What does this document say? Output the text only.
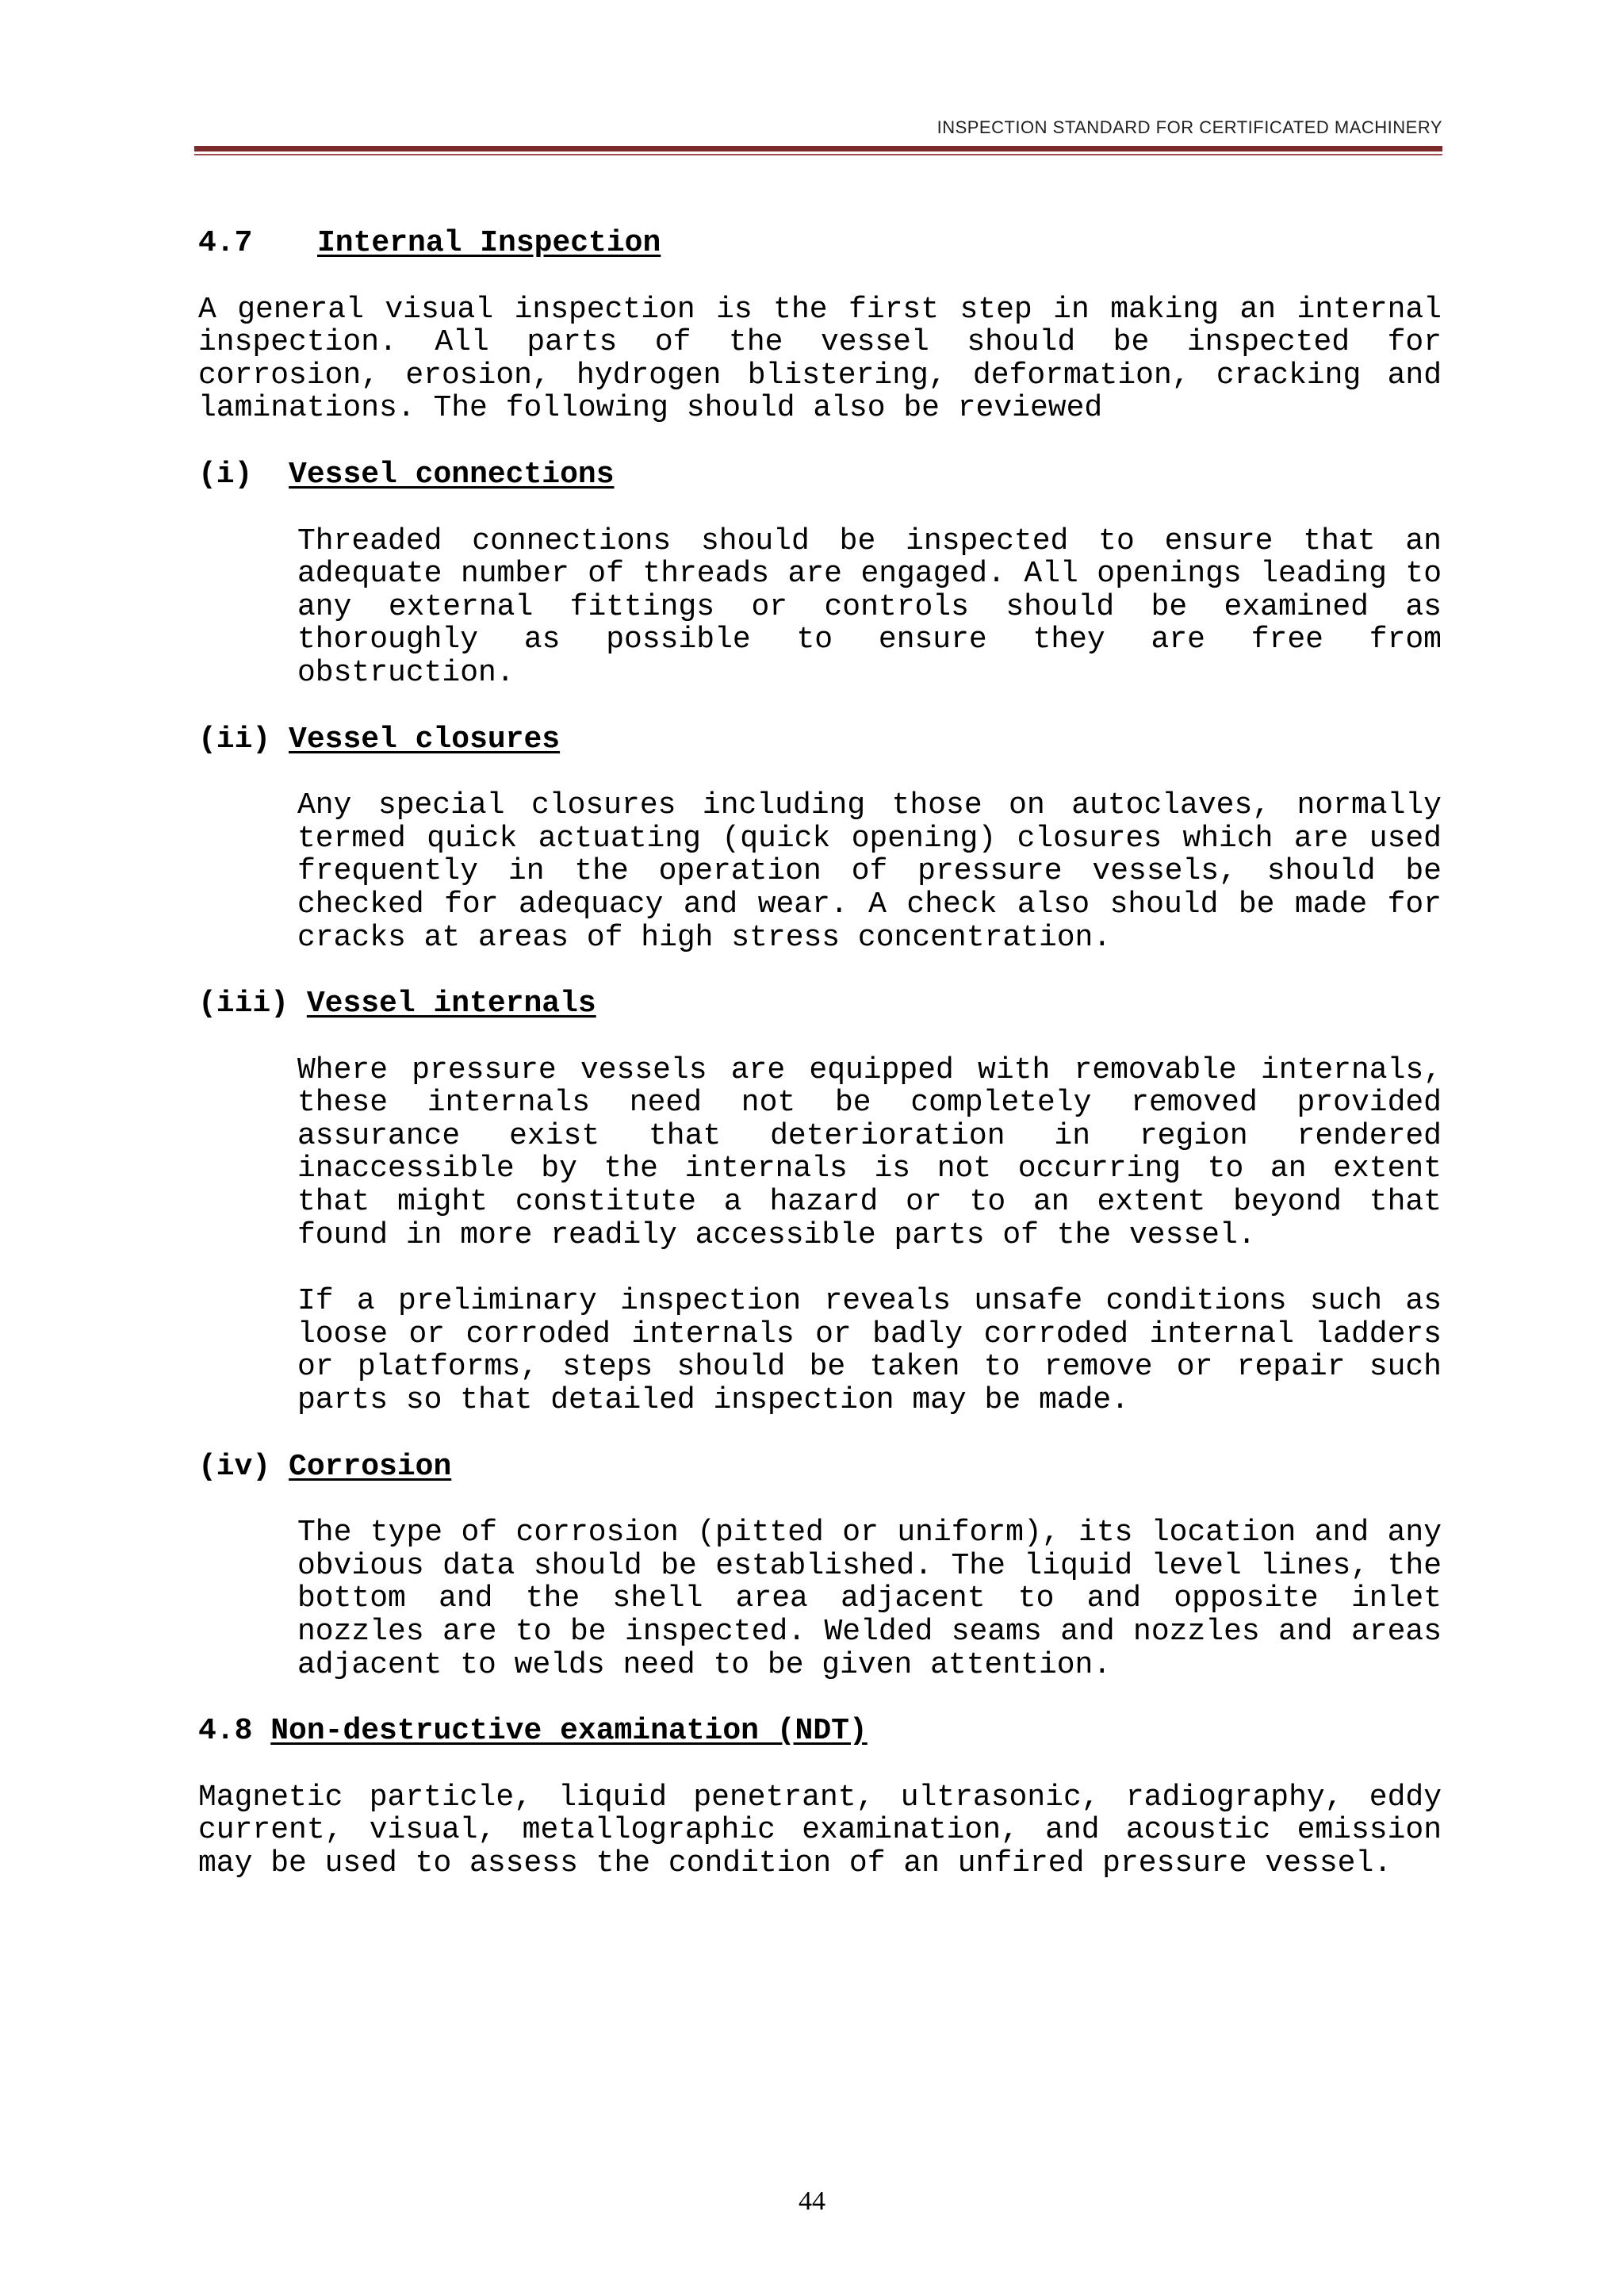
INSPECTION STANDARD FOR CERTIFICATED MACHINERY

4.7 Internal Inspection

A general visual inspection is the first step in making an internal inspection. All parts of the vessel should be inspected for corrosion, erosion, hydrogen blistering, deformation, cracking and laminations. The following should also be reviewed

(i) Vessel connections

Threaded connections should be inspected to ensure that an adequate number of threads are engaged. All openings leading to any external fittings or controls should be examined as thoroughly as possible to ensure they are free from obstruction.

(ii) Vessel closures

Any special closures including those on autoclaves, normally termed quick actuating (quick opening) closures which are used frequently in the operation of pressure vessels, should be checked for adequacy and wear. A check also should be made for cracks at areas of high stress concentration.

(iii) Vessel internals

Where pressure vessels are equipped with removable internals, these internals need not be completely removed provided assurance exist that deterioration in region rendered inaccessible by the internals is not occurring to an extent that might constitute a hazard or to an extent beyond that found in more readily accessible parts of the vessel.

If a preliminary inspection reveals unsafe conditions such as loose or corroded internals or badly corroded internal ladders or platforms, steps should be taken to remove or repair such parts so that detailed inspection may be made.

(iv) Corrosion

The type of corrosion (pitted or uniform), its location and any obvious data should be established. The liquid level lines, the bottom and the shell area adjacent to and opposite inlet nozzles are to be inspected. Welded seams and nozzles and areas adjacent to welds need to be given attention.

4.8 Non-destructive examination (NDT)

Magnetic particle, liquid penetrant, ultrasonic, radiography, eddy current, visual, metallographic examination, and acoustic emission may be used to assess the condition of an unfired pressure vessel.

44
